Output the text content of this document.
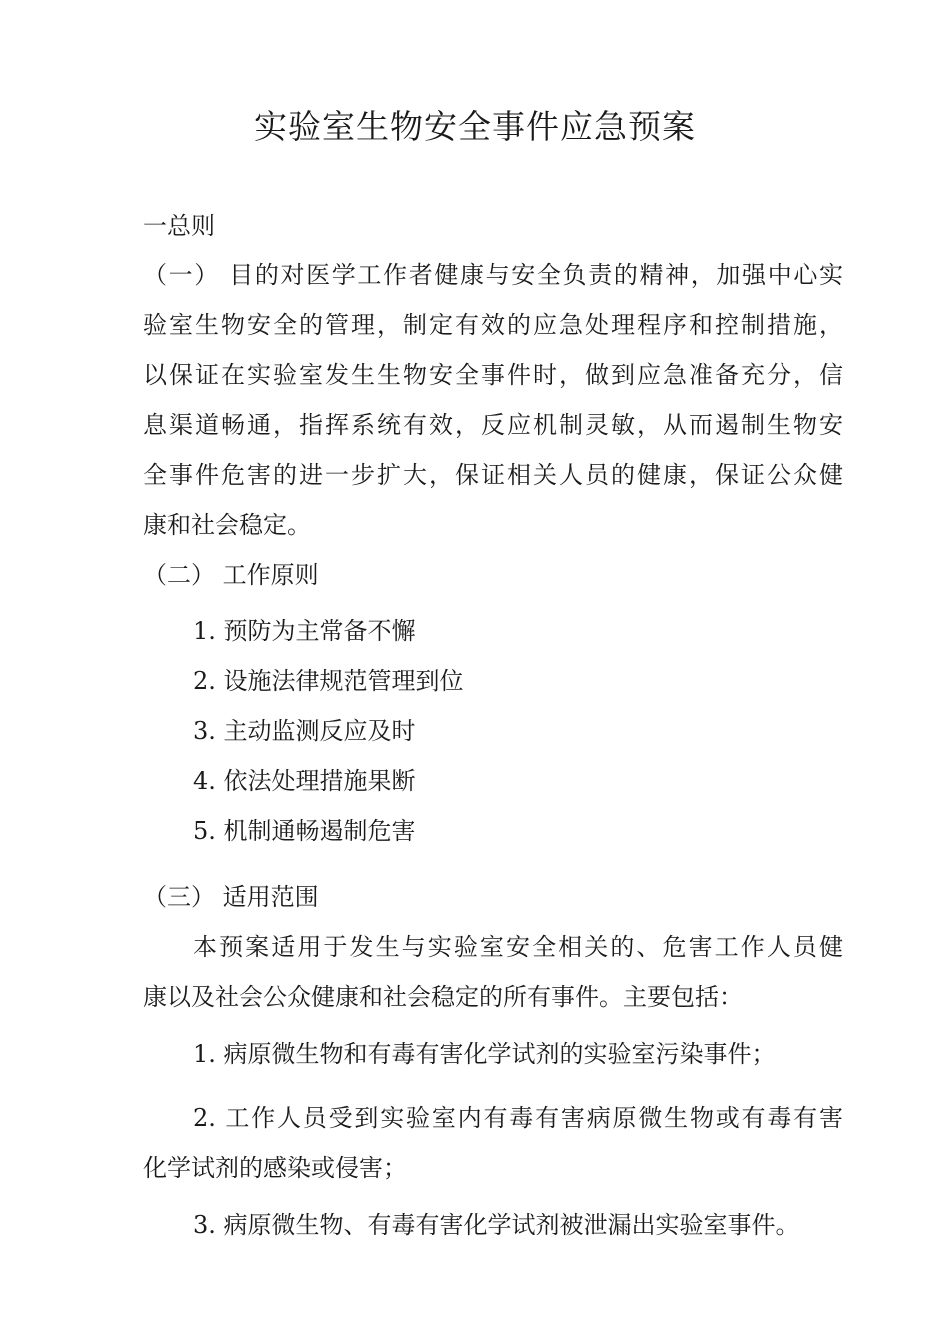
实验室生物安全事件应急预案
一总则
（一） 目的对医学工作者健康与安全负责的精神，加强中心实
验室生物安全的管理，制定有效的应急处理程序和控制措施，
以保证在实验室发生生物安全事件时，做到应急准备充分，信
息渠道畅通，指挥系统有效，反应机制灵敏，从而遏制生物安
全事件危害的进一步扩大，保证相关人员的健康，保证公众健
康和社会稳定。
（二） 工作原则
1. 预防为主常备不懈
2. 设施法律规范管理到位
3. 主动监测反应及时
4. 依法处理措施果断
5. 机制通畅遏制危害
（三） 适用范围
本预案适用于发生与实验室安全相关的、危害工作人员健
康以及社会公众健康和社会稳定的所有事件。主要包括：
1. 病原微生物和有毒有害化学试剂的实验室污染事件；
2. 工作人员受到实验室内有毒有害病原微生物或有毒有害
化学试剂的感染或侵害；
3. 病原微生物、有毒有害化学试剂被泄漏出实验室事件。
